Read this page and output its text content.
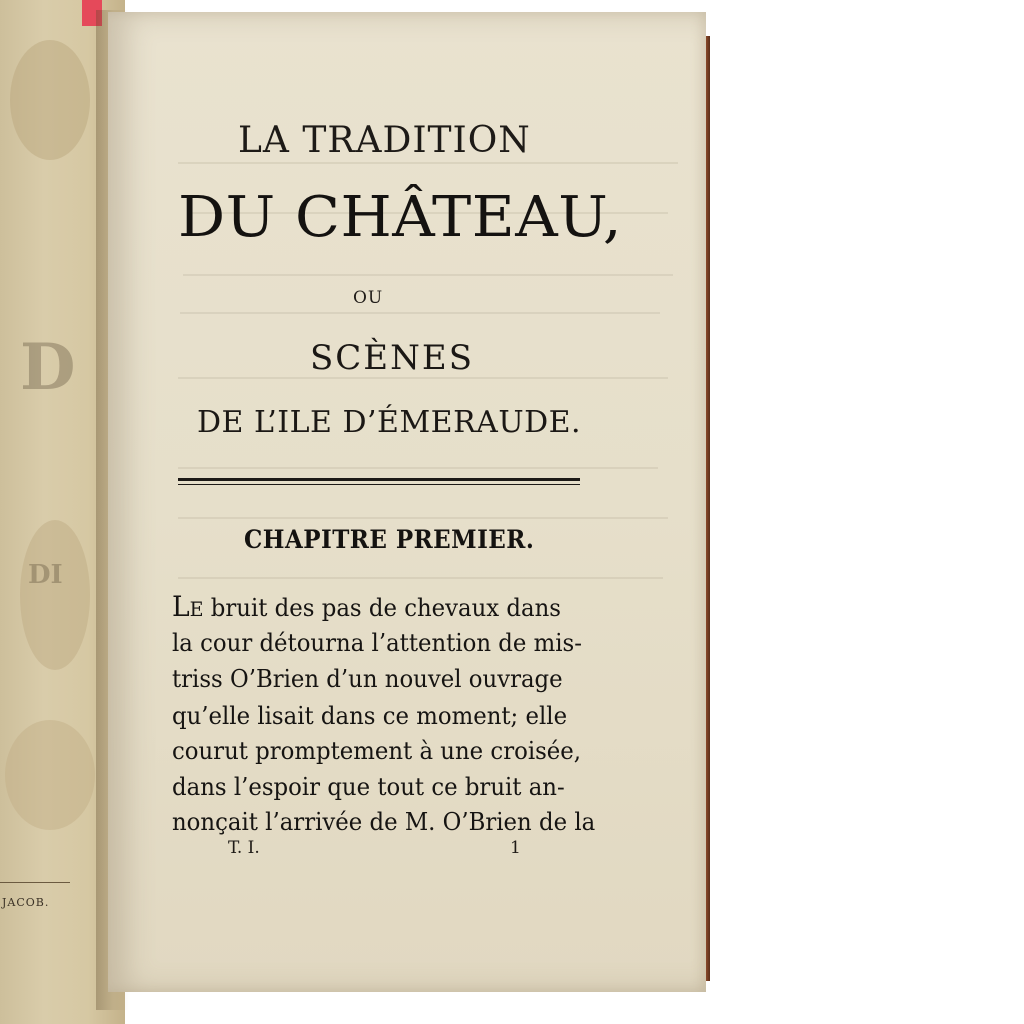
D
DI
JACOB.
LA TRADITION
DU CHÂTEAU,
OU
SCÈNES
DE L’ILE D’ÉMERAUDE.
CHAPITRE PREMIER.
Le bruit des pas de chevaux dans
la cour détourna l’attention de mis-
triss O’Brien d’un nouvel ouvrage
qu’elle lisait dans ce moment; elle
courut promptement à une croisée,
dans l’espoir que tout ce bruit an-
nonçait l’arrivée de M. O’Brien de la
T. I.	1
